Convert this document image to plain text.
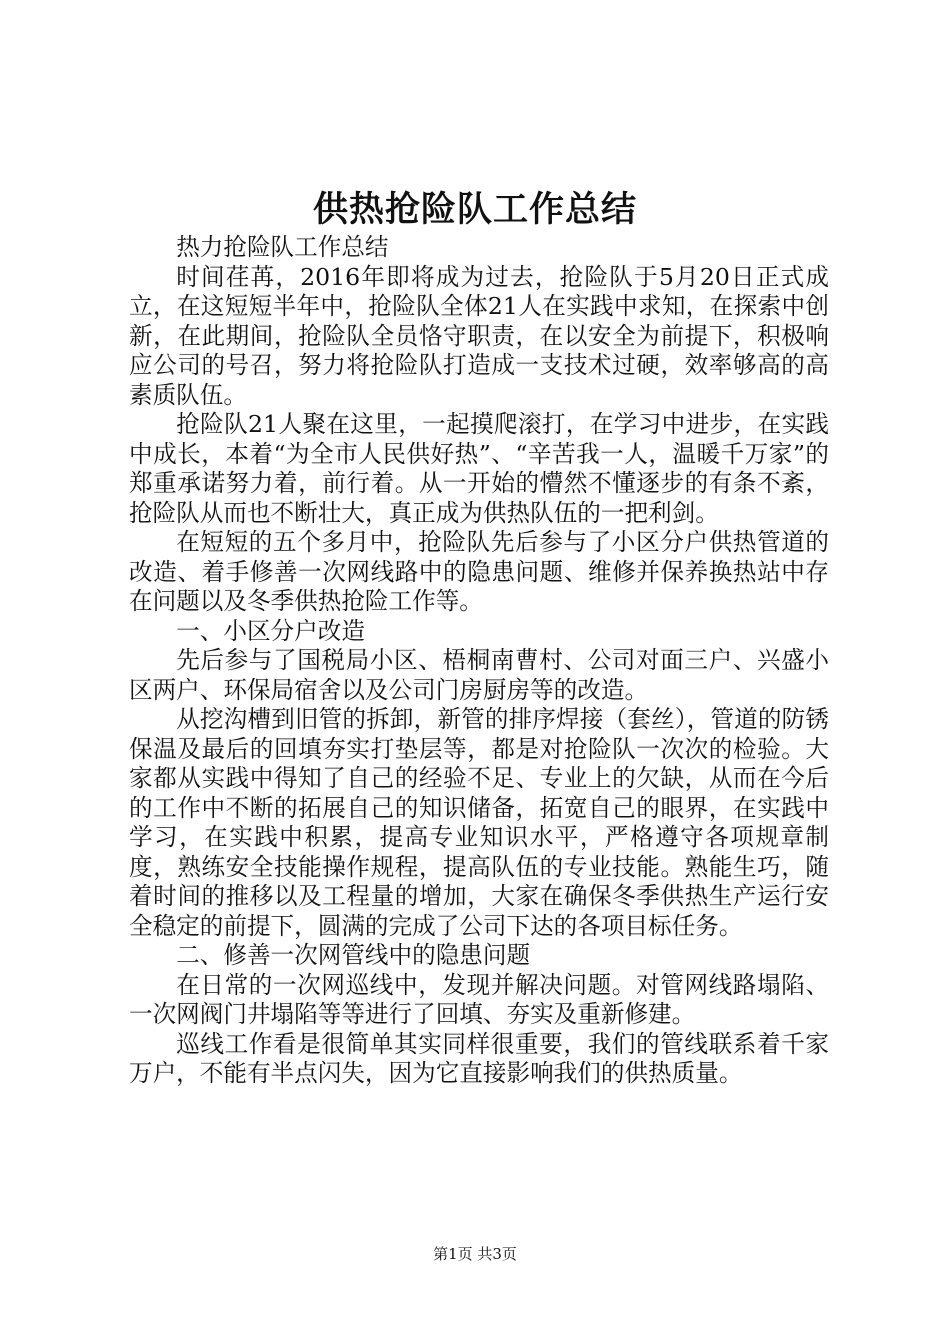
供热抢险队工作总结

热力抢险队工作总结

时间荏苒，2016年即将成为过去，抢险队于5月20日正式成立，在这短短半年中，抢险队全体21人在实践中求知，在探索中创新，在此期间，抢险队全员恪守职责，在以安全为前提下，积极响应公司的号召，努力将抢险队打造成一支技术过硬，效率够高的高素质队伍。

抢险队21人聚在这里，一起摸爬滚打，在学习中进步，在实践中成长，本着“为全市人民供好热”、“辛苦我一人，温暖千万家”的郑重承诺努力着，前行着。从一开始的懵然不懂逐步的有条不紊，抢险队从而也不断壮大，真正成为供热队伍的一把利剑。

在短短的五个多月中，抢险队先后参与了小区分户供热管道的改造、着手修善一次网线路中的隐患问题、维修并保养换热站中存在问题以及冬季供热抢险工作等。

一、小区分户改造

先后参与了国税局小区、梧桐南曹村、公司对面三户、兴盛小区两户、环保局宿舍以及公司门房厨房等的改造。

从挖沟槽到旧管的拆卸，新管的排序焊接（套丝），管道的防锈保温及最后的回填夯实打垫层等，都是对抢险队一次次的检验。大家都从实践中得知了自己的经验不足、专业上的欠缺，从而在今后的工作中不断的拓展自己的知识储备，拓宽自己的眼界，在实践中学习，在实践中积累，提高专业知识水平，严格遵守各项规章制度，熟练安全技能操作规程，提高队伍的专业技能。熟能生巧，随着时间的推移以及工程量的增加，大家在确保冬季供热生产运行安全稳定的前提下，圆满的完成了公司下达的各项目标任务。

二、修善一次网管线中的隐患问题

在日常的一次网巡线中，发现并解决问题。对管网线路塌陷、一次网阀门井塌陷等等进行了回填、夯实及重新修建。

巡线工作看是很简单其实同样很重要，我们的管线联系着千家万户，不能有半点闪失，因为它直接影响我们的供热质量。

第1页 共3页
